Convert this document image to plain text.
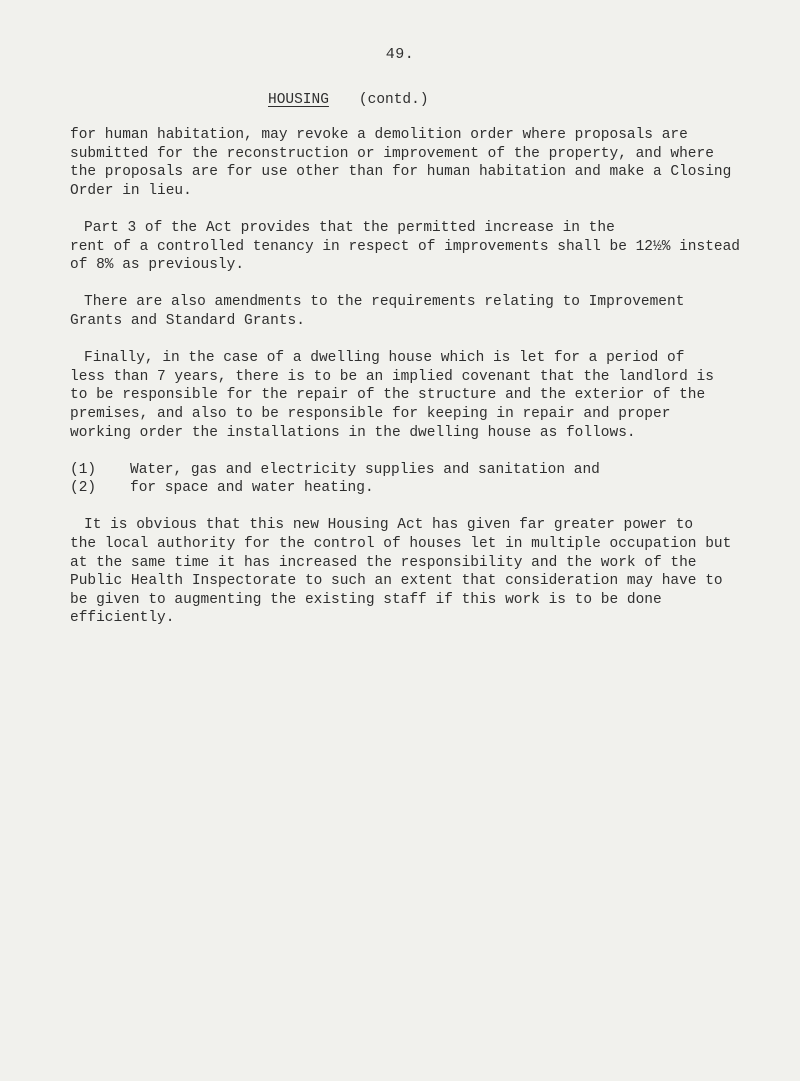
49.
HOUSING (contd.)
for human habitation, may revoke a demolition order where proposals are
submitted for the reconstruction or improvement of the property, and where
the proposals are for use other than for human habitation and make a Closing
Order in lieu.
Part 3 of the Act provides that the permitted increase in the
rent of a controlled tenancy in respect of improvements shall be 12½% instead
of 8% as previously.
There are also amendments to the requirements relating to Improvement
Grants and Standard Grants.
Finally, in the case of a dwelling house which is let for a period of
less than 7 years, there is to be an implied covenant that the landlord is
to be responsible for the repair of the structure and the exterior of the
premises, and also to be responsible for keeping in repair and proper
working order the installations in the dwelling house as follows.
(1)	Water, gas and electricity supplies and sanitation and
(2)	for space and water heating.
It is obvious that this new Housing Act has given far greater power to
the local authority for the control of houses let in multiple occupation but
at the same time it has increased the responsibility and the work of the
Public Health Inspectorate to such an extent that consideration may have to
be given to augmenting the existing staff if this work is to be done
efficiently.
